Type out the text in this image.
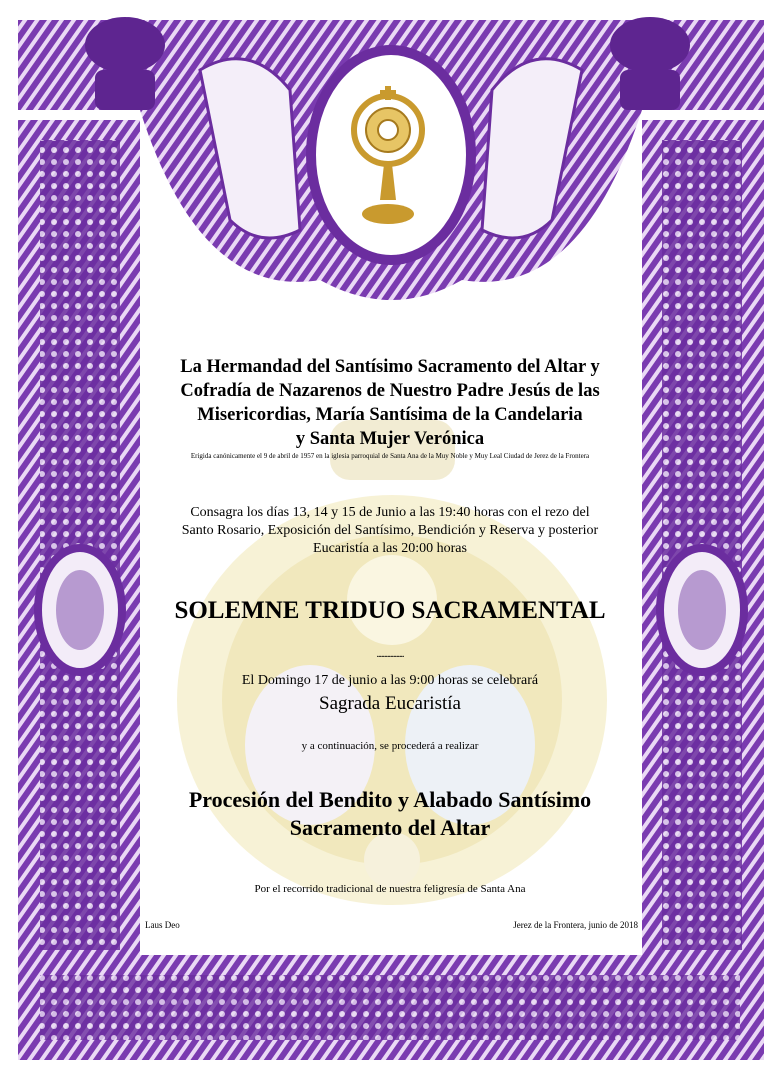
La Hermandad del Santísimo Sacramento del Altar y
Cofradía de Nazarenos de Nuestro Padre Jesús de las
Misericordias, María Santísima de la Candelaria
y Santa Mujer Verónica
Erigida canónicamente el 9 de abril de 1957 en la iglesia parroquial de Santa Ana de la Muy Noble y Muy Leal Ciudad de Jerez de la Frontera
Consagra los días 13, 14 y 15 de Junio a las 19:40 horas con el rezo del
Santo Rosario, Exposición del Santísimo, Bendición y Reserva y posterior
Eucaristía a las 20:00 horas
SOLEMNE TRIDUO SACRAMENTAL
..................
El Domingo 17 de junio a las 9:00 horas se celebrará
Sagrada Eucaristía
y a continuación, se procederá a realizar
Procesión del Bendito y Alabado Santísimo
Sacramento del Altar
Por el recorrido tradicional de nuestra feligresía de Santa Ana
Laus Deo	Jerez de la Frontera, junio de 2018
